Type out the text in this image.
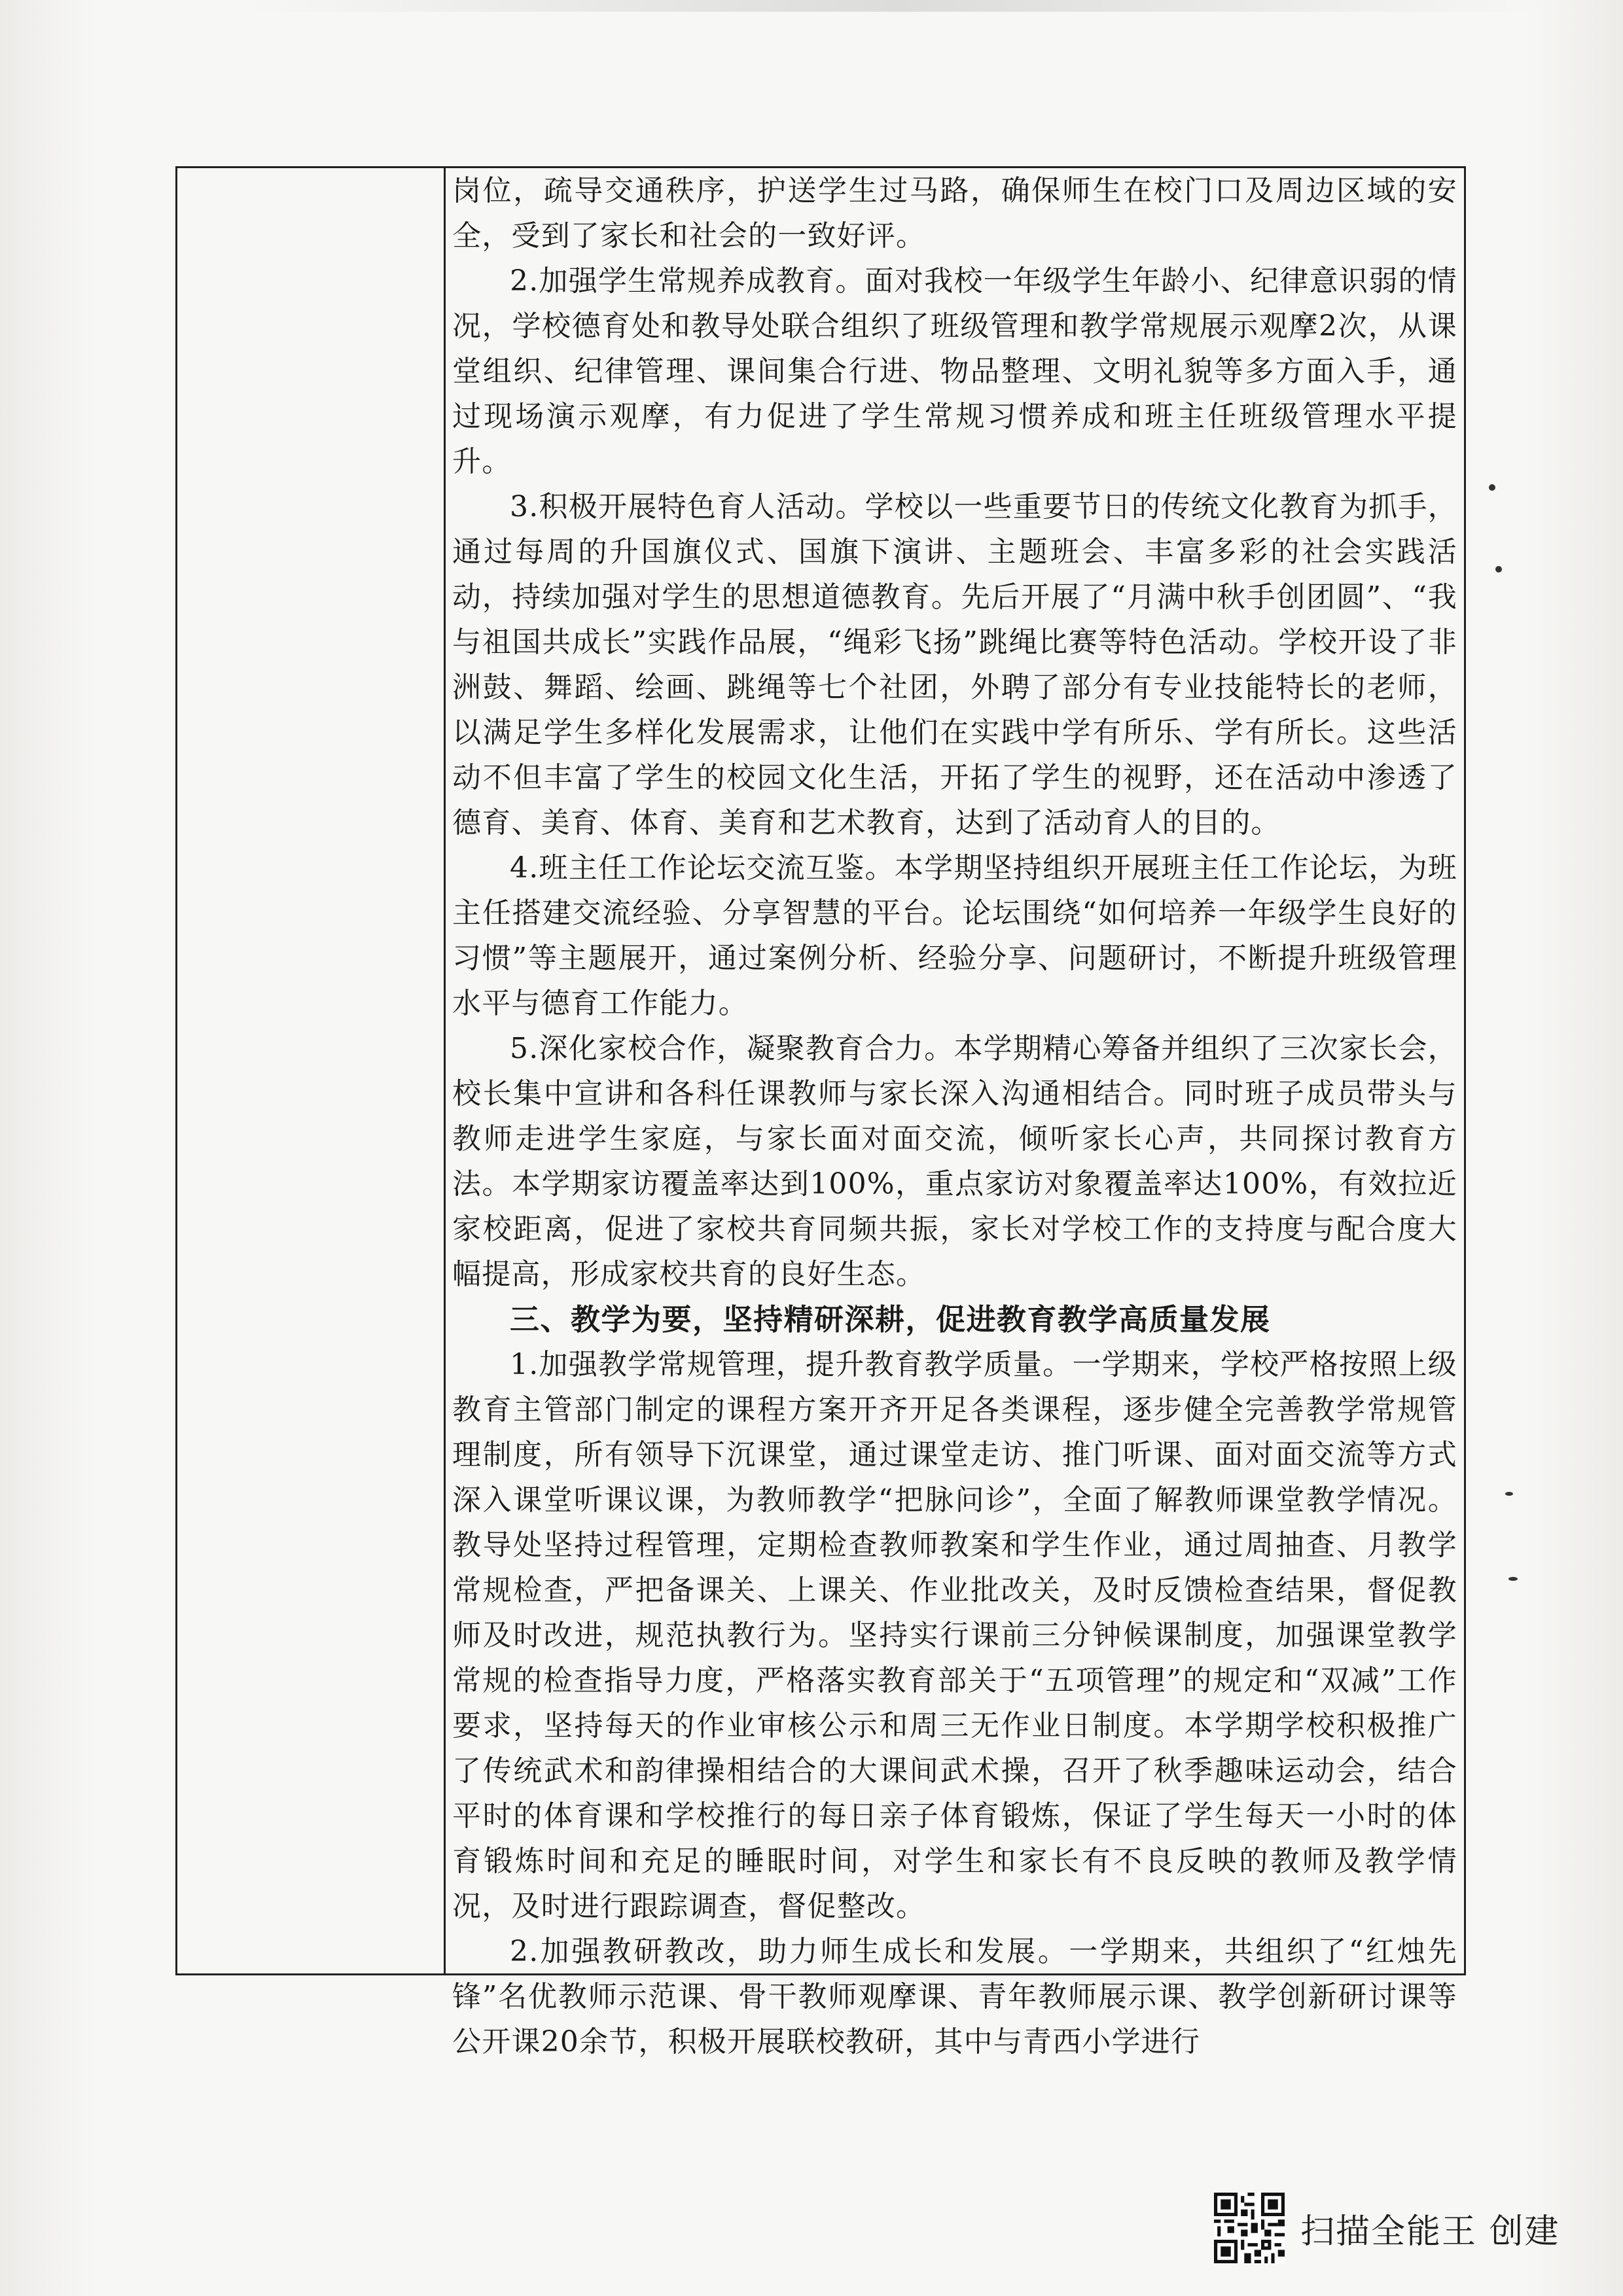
岗位，疏导交通秩序，护送学生过马路，确保师生在校门口及周边区域的安全，受到了家长和社会的一致好评。

2.加强学生常规养成教育。面对我校一年级学生年龄小、纪律意识弱的情况，学校德育处和教导处联合组织了班级管理和教学常规展示观摩2次，从课堂组织、纪律管理、课间集合行进、物品整理、文明礼貌等多方面入手，通过现场演示观摩，有力促进了学生常规习惯养成和班主任班级管理水平提升。

3.积极开展特色育人活动。学校以一些重要节日的传统文化教育为抓手，通过每周的升国旗仪式、国旗下演讲、主题班会、丰富多彩的社会实践活动，持续加强对学生的思想道德教育。先后开展了“月满中秋手创团圆”、“我与祖国共成长”实践作品展，“绳彩飞扬”跳绳比赛等特色活动。学校开设了非洲鼓、舞蹈、绘画、跳绳等七个社团，外聘了部分有专业技能特长的老师，以满足学生多样化发展需求，让他们在实践中学有所乐、学有所长。这些活动不但丰富了学生的校园文化生活，开拓了学生的视野，还在活动中渗透了德育、美育、体育、美育和艺术教育，达到了活动育人的目的。

4.班主任工作论坛交流互鉴。本学期坚持组织开展班主任工作论坛，为班主任搭建交流经验、分享智慧的平台。论坛围绕“如何培养一年级学生良好的习惯”等主题展开，通过案例分析、经验分享、问题研讨，不断提升班级管理水平与德育工作能力。

5.深化家校合作，凝聚教育合力。本学期精心筹备并组织了三次家长会，校长集中宣讲和各科任课教师与家长深入沟通相结合。同时班子成员带头与教师走进学生家庭，与家长面对面交流，倾听家长心声，共同探讨教育方法。本学期家访覆盖率达到100%，重点家访对象覆盖率达100%，有效拉近家校距离，促进了家校共育同频共振，家长对学校工作的支持度与配合度大幅提高，形成家校共育的良好生态。

三、教学为要，坚持精研深耕，促进教育教学高质量发展

1.加强教学常规管理，提升教育教学质量。一学期来，学校严格按照上级教育主管部门制定的课程方案开齐开足各类课程，逐步健全完善教学常规管理制度，所有领导下沉课堂，通过课堂走访、推门听课、面对面交流等方式深入课堂听课议课，为教师教学“把脉问诊”，全面了解教师课堂教学情况。教导处坚持过程管理，定期检查教师教案和学生作业，通过周抽查、月教学常规检查，严把备课关、上课关、作业批改关，及时反馈检查结果，督促教师及时改进，规范执教行为。坚持实行课前三分钟候课制度，加强课堂教学常规的检查指导力度，严格落实教育部关于“五项管理”的规定和“双减”工作要求，坚持每天的作业审核公示和周三无作业日制度。本学期学校积极推广了传统武术和韵律操相结合的大课间武术操，召开了秋季趣味运动会，结合平时的体育课和学校推行的每日亲子体育锻炼，保证了学生每天一小时的体育锻炼时间和充足的睡眠时间，对学生和家长有不良反映的教师及教学情况，及时进行跟踪调查，督促整改。

2.加强教研教改，助力师生成长和发展。一学期来，共组织了“红烛先锋”名优教师示范课、骨干教师观摩课、青年教师展示课、教学创新研讨课等公开课20余节，积极开展联校教研，其中与青西小学进行

扫描全能王 创建
